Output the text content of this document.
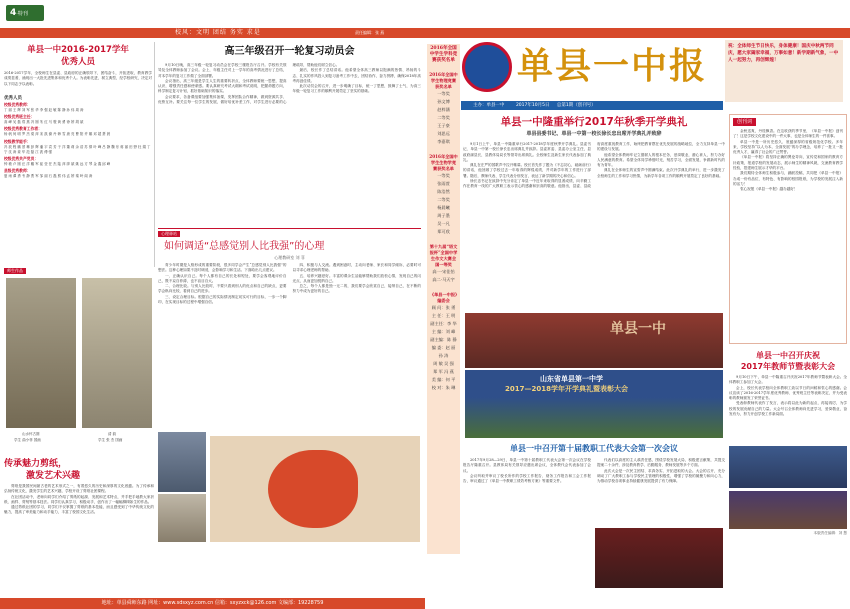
4·特刊
校风：文明 团结 务实 求是	责任编辑：张 燕
单县一中2016-2017学年
优秀人员
2016-2017学年，全校师生在县委、县政府的正确领导下，团结奋斗，开拓进取，教育教学成绩显著，涌现出一大批先进集体和优秀个人。为表彰先进，树立典型，经学校研究，决定对以下同志予以表彰。
优秀人员
校级优秀教师：
丁 丽 王 辉 刘 军 张 华 李 强 赵 敏 陈 静 孙 伟 周 涛
校级优秀班主任：
高 峰 吴 磊 郑 燕 冯 刚 朱 红 马 骏 黄 勇 徐 婷 胡 斌
校级优秀教育工作者：
杨 帆 何 明 罗 杰 梁 萍 宋 凯 谢 丹 韩 雪 唐 亮 曹 阳 许 娜 邓 超 萧 晨
校级教学能手：
冯 波 程 鹏 蔡 琳 彭 辉 潘 宇 袁 芳 于 洋 董 莉 余 浩 苏 倩 叶 峰 吕 静 魏 东 蒋 丽 田 野 杜 娟 丁 宁 沈 涛 姜 华 范 磊 江 波 傅 强
校级优秀共产党员：
钟 敏 卢 刚 汪 洋 戴 军 崔 莹 任 杰 陆 萍 廖 斌 姚 远 方 琴 金 鑫 邱 峰
县级优秀教师：
夏 雨 谭 勇 韦 静 贾 军 邹 丽 石 磊 熊 伟 孟 婷 秦 岭 阎 涛
高三年级召开一轮复习动员会

9月10日晚，高三年级一轮复习动员会在学校三楼报告厅召开。学校有关领导及全体教师参加了会议。会上，年级主任对上一学年的高考情况进行了总结，对本学年的复习工作做了全面部署。

会议指出，高三年级是学生人生的重要转折点，全体教师要统一思想，提高认识，增强责任感和使命感。要认真研究考试大纲和考试说明，把握命题方向，科学制定复习计划，抓好基础知识的落实。

会议要求，各备课组要加强集体备课，发挥团队合作精神，做到资源共享、优势互补。要关注每一位学生的发展，做好培优补差工作，对学生进行必要的心理疏导，帮助他们树立信心。

最后，校长作了总结讲话。他希望全体高三教师以饱满的热情、昂扬的斗志、扎实的作风投入到复习备考工作中去，团结协作，奋力拼搏，确保2018年高考再创佳绩。

此次动员会的召开，进一步明确了目标，统一了思想，鼓舞了士气，为高三年级一轮复习工作的顺利开展奠定了坚实的基础。

心理驿站
如何调适“总感觉别人比我强”的心理
心理教研室 刘 菲

青少年时期是人格形成的重要阶段，很多同学会产生“总感觉别人比我强”的想法。这种心理如果不及时调适，会影响学习和生活。下面给出几点建议。

一、正确认识自己。每个人都有自己的长处和短处，要学会客观地评价自己，既不妄自菲薄，也不盲目自大。

二、合理比较。与别人比较时，不要只看到别人的优点和自己的缺点，更要学会纵向比较，看到自己的进步。

三、设定合理目标。根据自己的实际情况制定切实可行的目标，一步一个脚印，在实现目标的过程中增强自信。

四、积极与人交流。遇到困惑时，主动向老师、家长和同学倾诉，必要时可以寻求心理老师的帮助。

五、培养兴趣爱好。丰富的课余生活能够帮助我们放松心情，发现自己的闪光点，从而更加悦纳自己。

总之，每个人都是独一无二的，我们要学会欣赏自己，接纳自己，在不断的努力中成为更好的自己。

师生作品
山水怀古图
学生 曲小菲 国画
清 韵
学生 张 杰 国画
传承魅力剪纸，
激发艺术兴趣

剪纸是我国民间最古老的艺术形式之一，有着悠久的历史和深厚的文化底蕴。为了传承和弘扬传统文化，激发学生的艺术兴趣，学校开设了剪纸社团课程。

在社团活动中，老师向同学们介绍了剪纸的起源、发展和艺术特点，并手把手地教大家折纸、画样、剪刻等基本技法。同学们认真学习，积极动手，创作出了一幅幅栩栩如生的作品。

通过剪纸社团的学习，同学们不仅掌握了剪纸的基本技能，而且感受到了中华传统文化的魅力，提高了审美能力和动手能力，丰富了校园文化生活。

地址：单县舜师东路 网址：www.sdsxyz.com.cn 信箱：sxyzxck@126.com 文编部：19228759
单县一中报	祝：全体师生节日快乐，身体健康！国庆中秋两节同庆，愿大家阖家幸福，万事如意！新学期新气象，一中人一起努力，再创辉煌！
主办：单县一中	2017年10月5日 总第1期（创刊号）
2016年全国中学生学科竞赛获奖名单
2016年全国中学生物理竞赛获奖名单
一等奖
孙文博
赵梓涵
二等奖
王子豪
刘思远
李嘉琪
2016年全国中学生生物学竞赛获奖名单
一等奖
张雨萱
陈浩然
二等奖
杨晨曦
周子墨
吴一凡
郑可欣
第十九届“语文报杯”全国中学生作文大赛全国一等奖
高一·宋佳怡
高二·马天宇
《单县一中报》编委会
顾 问：张 勇
主 任：王 明
副主任：李 华
主 编：刘 峰
副主编：陈 静
编 委：赵 丽 孙 涛
周 敏 吴 强
郑 军 冯 燕
美 编：何 平
校 对：朱 琳
单县一中隆重举行2017年秋季开学典礼
单县县委书记、单县一中第一校长徐长忠出席开学典礼并致辞

9月1日上午，单县一中隆重举行2017-2018学年度秋季开学典礼。县委书记、单县一中第一校长徐长忠出席典礼并致辞。县委常委、县委办公室主任，县政府副县长，县教体局局长等领导出席典礼。全校师生及新生家长代表参加了典礼。

典礼在庄严的国歌声中拉开帷幕。校长首先作了题为《不忘初心，砥砺前行》的讲话，他回顾了学校过去一年取得的辉煌成绩，并对新学年的工作进行了部署。随后，教师代表、学生代表分别发言，表达了新学期的决心和信心。

徐长忠书记在致辞中充分肯定了单县一中近年来取得的显著成绩，向辛勤工作在教育一线的广大教职工表示衷心的感谢和崇高的敬意。他指出，县委、县政府高度重视教育工作，始终把教育摆在优先发展的战略地位，全力支持单县一中的建设与发展。

他希望全体教师牢记立德树人的根本任务，爱岗敬业，潜心育人，努力办好人民满意的教育。希望全体同学珍惜时光，刻苦学习，全面发展，争做新时代的有为青年。

典礼在全体师生的宣誓声中圆满结束。此次开学典礼的举行，进一步激发了全校师生的工作和学习热情，为新学年各项工作的顺利开展奠定了良好的基础。

单县一中
山东省单县第一中学
2017—2018学年开学典礼暨表彰大会
创刊词

金秋送爽，丹桂飘香。在这收获的季节里，《单县一中报》创刊了！这是学校文化建设中的一件大事，也是全体师生的一件喜事。

单县一中是一所历史悠久、底蕴深厚的省级规范化学校。多年来，学校坚持“以人为本，全面发展”的办学理念，培养了一批又一批优秀人才，赢得了社会的广泛赞誉。

《单县一中报》将坚持正确的舆论导向，宣传党和国家的教育方针政策，报道学校的发展动态，展示师生的精神风貌，交流教育教学经验，搭建师生展示才华的平台。

我们期待全体师生积极参与，踊跃投稿，共同把《单县一中报》办成一份有品位、有特色、有影响的校园报纸，为学校的发展注入新的活力！

衷心祝愿《单县一中报》越办越好！

单县一中召开庆祝
2017年教师节暨表彰大会

9月10日下午，单县一中隆重召开庆祝2017年教师节暨表彰大会。全体教职工参加了大会。

会上，校长代表学校向全体教职工致以节日的问候和衷心的感谢。会议宣读了2016-2017学年度优秀教师、优秀班主任等表彰决定，并为受表彰的教师颁发了荣誉证书。

受表彰教师代表作了发言，表示将以此为新的起点，再接再厉，为学校的发展贡献自己的力量。大会号召全体教师向先进学习，爱岗敬业，奋发有为，努力开创学校工作新局面。

本版责任编辑：刘 慧
单县一中召开第十届教职工代表大会第一次会议

2017年9月28—29日，单县一中第十届教职工代表大会第一次会议在学校报告厅隆重召开。县教体局有关领导应邀出席会议，全体教代会代表参加了会议。

会议听取并审议了校长所作的学校工作报告、财务工作报告和工会工作报告，审议通过了《单县一中教职工绩效考核方案》等重要文件。

代表们以高度的主人翁责任感，围绕学校发展大局，积极建言献策，共提交提案二十余件，涉及教育教学、后勤服务、教师发展等多个方面。

此次大会是一次民主团结、求真务实、开拓进取的大会。大会的召开，充分调动了广大教职工参与学校民主管理的积极性，增强了学校的凝聚力和向心力，为推动学校各项事业持续健康发展提供了有力保障。
